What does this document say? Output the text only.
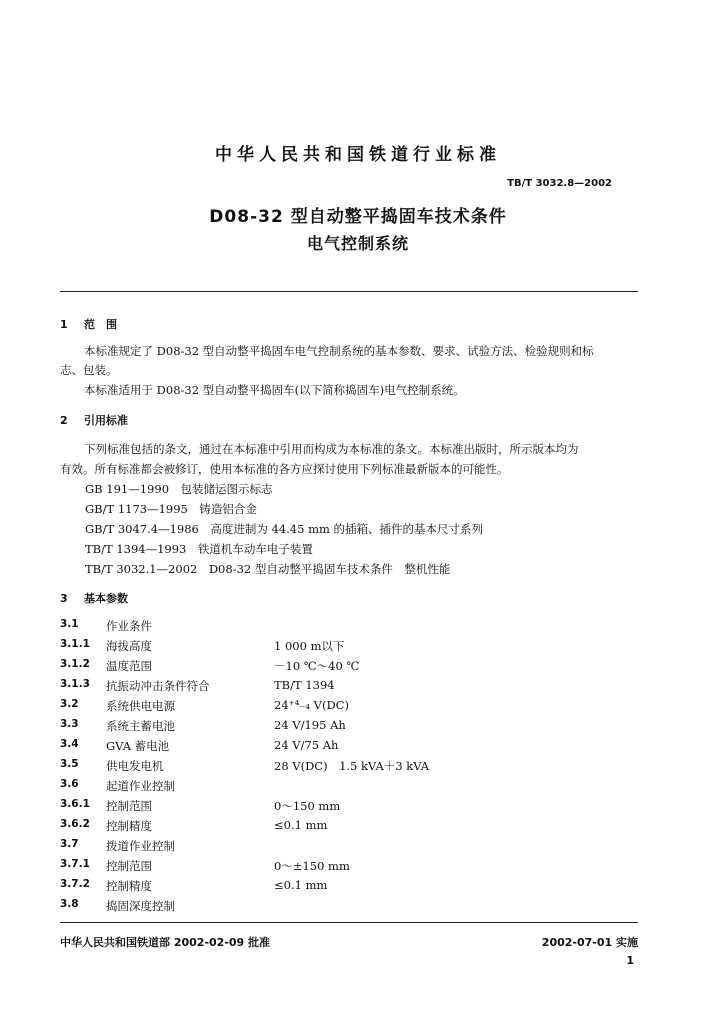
中华人民共和国铁道行业标准
TB/T 3032.8—2002
D08-32 型自动整平捣固车技术条件
电气控制系统
1 范　围
本标准规定了 D08-32 型自动整平捣固车电气控制系统的基本参数、要求、试验方法、检验规则和标
志、包装。
本标准适用于 D08-32 型自动整平捣固车(以下简称捣固车)电气控制系统。
2 引用标准
下列标准包括的条文，通过在本标准中引用而构成为本标准的条文。本标准出版时，所示版本均为
有效。所有标准都会被修订，使用本标准的各方应探讨使用下列标准最新版本的可能性。
GB 191—1990　包装储运图示标志
GB/T 1173—1995　铸造铝合金
GB/T 3047.4—1986　高度进制为 44.45 mm 的插箱、插件的基本尺寸系列
TB/T 1394—1993　铁道机车动车电子装置
TB/T 3032.1—2002　D08-32 型自动整平捣固车技术条件　整机性能
3 基本参数
3.1 作业条件
3.1.1 海拔高度	1 000 m以下
3.1.2 温度范围	－10 ℃～40 ℃
3.1.3 抗振动冲击条件符合	TB/T 1394
3.2 系统供电电源	24⁺⁴₋₄ V(DC)
3.3 系统主蓄电池	24 V/195 Ah
3.4 GVA 蓄电池	24 V/75 Ah
3.5 供电发电机	28 V(DC)　1.5 kVA＋3 kVA
3.6 起道作业控制
3.6.1 控制范围	0～150 mm
3.6.2 控制精度	≤0.1 mm
3.7 拨道作业控制
3.7.1 控制范围	0～±150 mm
3.7.2 控制精度	≤0.1 mm
3.8 捣固深度控制
中华人民共和国铁道部 2002-02-09 批准	2002-07-01 实施
1
